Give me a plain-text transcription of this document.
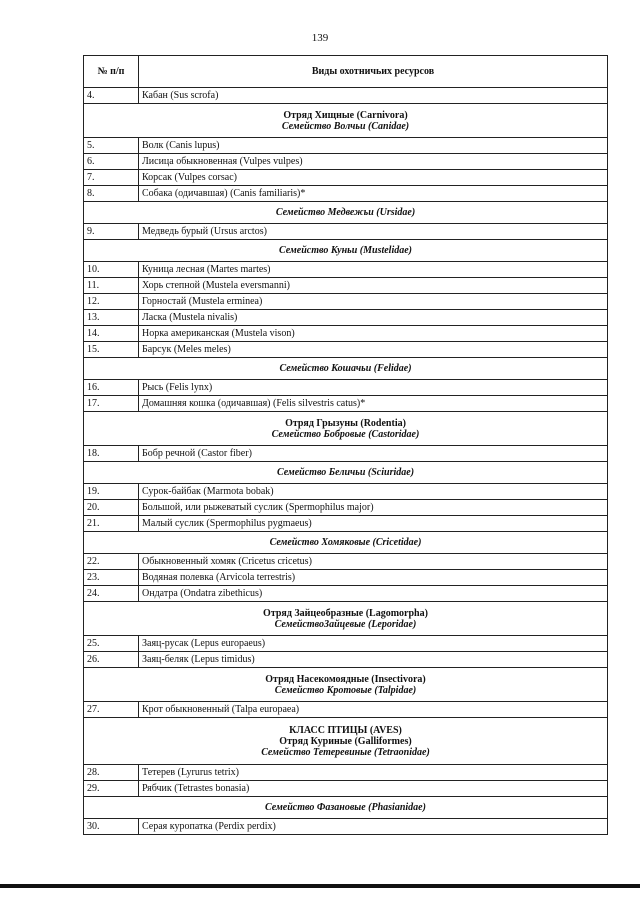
139
№ п/п	Виды охотничьих ресурсов
4.	Кабан (Sus scrofa)

Отряд Хищные (Carnivora)
Семейство Волчьи (Canidae)	

5.	Волк (Canis lupus)
6.	Лисица обыкновенная (Vulpes vulpes)
7.	Корсак (Vulpes corsac)
8.	Собака (одичавшая) (Canis familiaris)*

Семейство Медвежьи (Ursidae)	

9.	Медведь бурый (Ursus arctos)

Семейство Куньи (Mustelidae)	

10.	Куница лесная (Martes martes)
11.	Хорь степной (Mustela eversmanni)
12.	Горностай (Mustela erminea)
13.	Ласка (Mustela nivalis)
14.	Норка американская (Mustela vison)
15.	Барсук (Meles meles)

Семейство Кошачьи (Felidae)	

16.	Рысь (Felis lynx)
17.	Домашняя кошка (одичавшая) (Felis silvestris catus)*

Отряд Грызуны (Rodentia)
Семейство Бобровые (Castoridae)	

18.	Бобр речной (Castor fiber)

Семейство Беличьи (Sciuridae)	

19.	Сурок-байбак (Marmota bobak)
20.	Большой, или рыжеватый суслик (Spermophilus major)
21.	Малый суслик (Spermophilus pygmaeus)

Семейство Хомяковые (Cricetidae)	

22.	Обыкновенный хомяк (Cricetus cricetus)
23.	Водяная полевка (Arvicola terrestris)
24.	Ондатра (Ondatra zibethicus)

Отряд Зайцеобразные (Lagomorpha)
СемействоЗайцевые (Leporidae)	

25.	Заяц-русак (Lepus europaeus)
26.	Заяц-беляк (Lepus timidus)

Отряд Насекомоядные (Insectivora)
Семейство Кротовые (Talpidae)	

27.	Крот обыкновенный (Talpa europaea)

КЛАСС ПТИЦЫ (AVES)
Отряд Куриные (Galliformes)
Семейство Тетеревиные (Tetraonidae)	

28.	Тетерев (Lyrurus tetrix)
29.	Рябчик (Tetrastes bonasia)

Семейство Фазановые (Phasianidae)	

30.	Серая куропатка (Perdix perdix)
